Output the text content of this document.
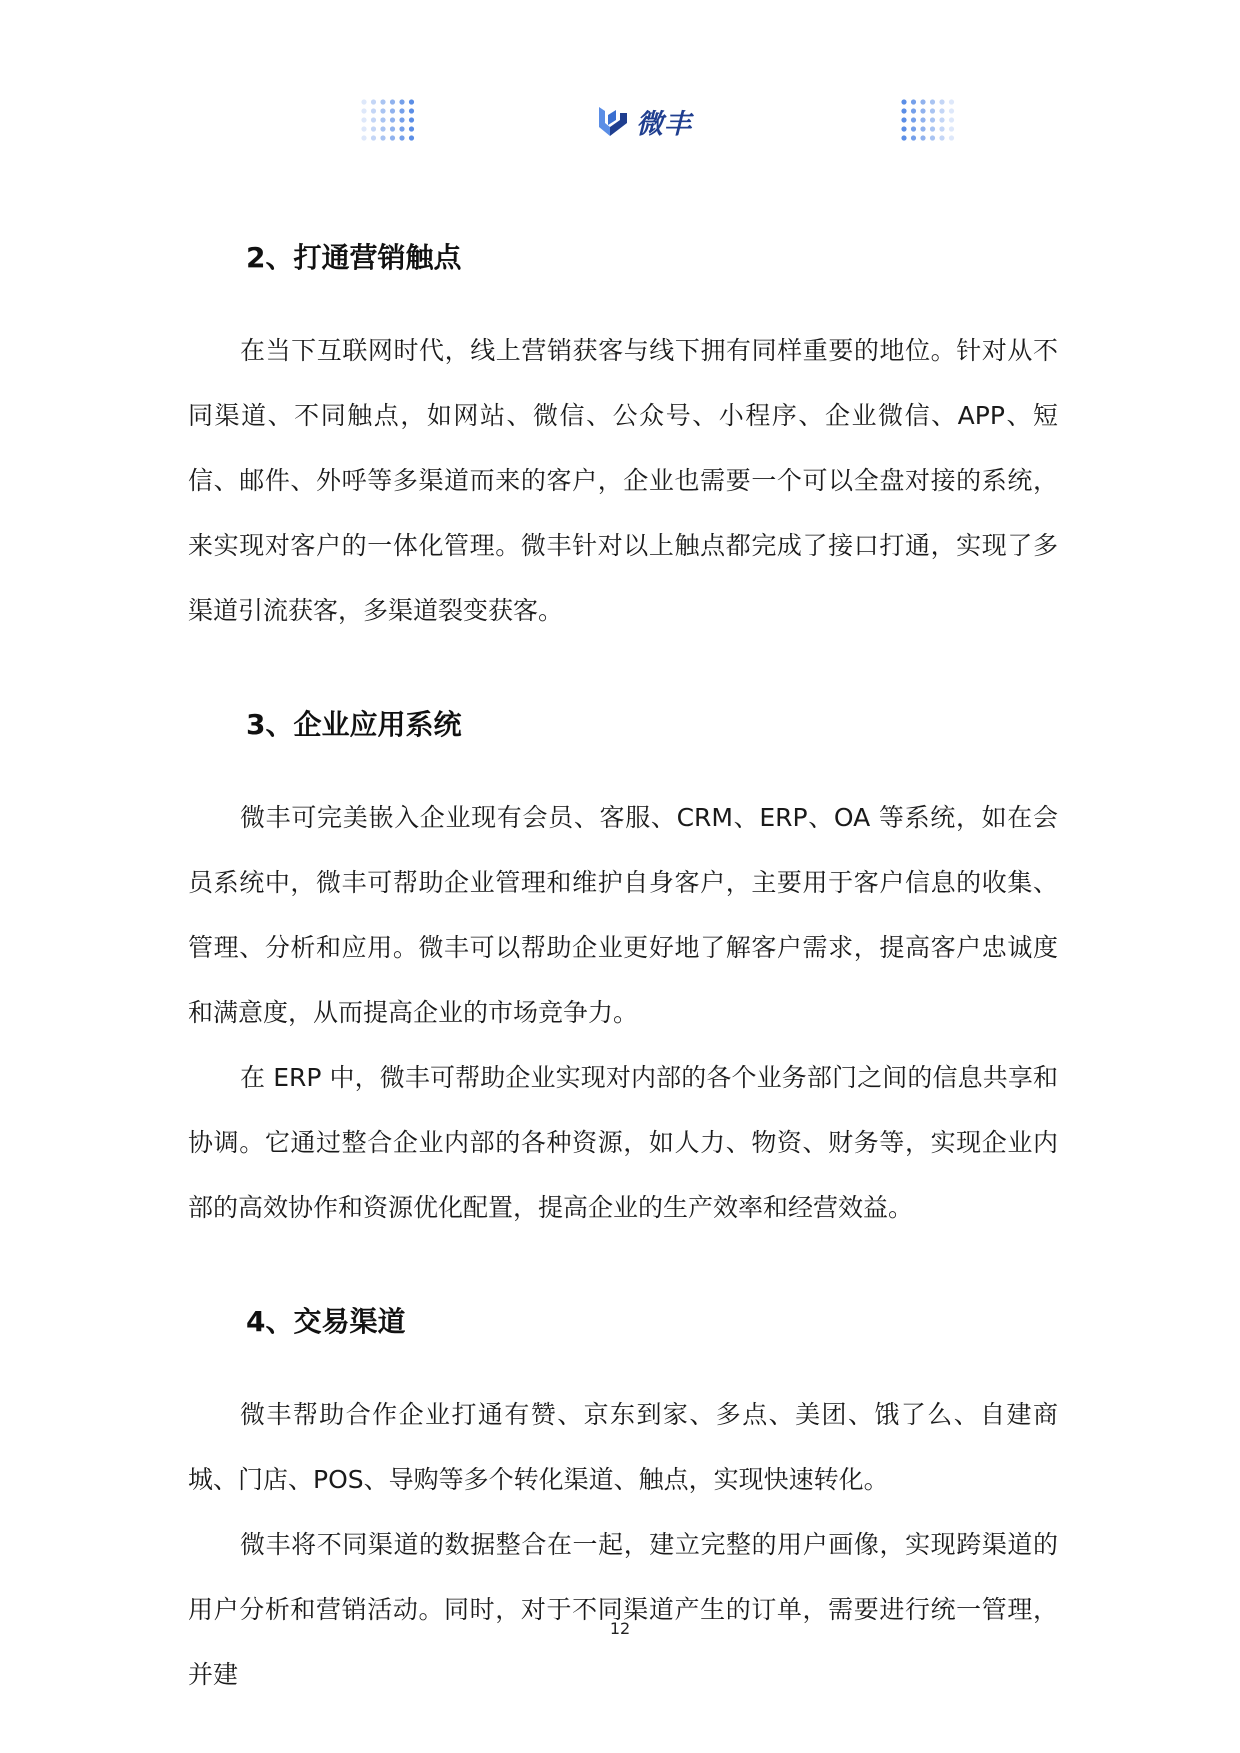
微丰
2、打通营销触点

在当下互联网时代，线上营销获客与线下拥有同样重要的地位。针对从不同渠道、不同触点，如网站、微信、公众号、小程序、企业微信、APP、短信、邮件、外呼等多渠道而来的客户，企业也需要一个可以全盘对接的系统，来实现对客户的一体化管理。微丰针对以上触点都完成了接口打通，实现了多渠道引流获客，多渠道裂变获客。

3、企业应用系统

微丰可完美嵌入企业现有会员、客服、CRM、ERP、OA 等系统，如在会员系统中，微丰可帮助企业管理和维护自身客户，主要用于客户信息的收集、管理、分析和应用。微丰可以帮助企业更好地了解客户需求，提高客户忠诚度和满意度，从而提高企业的市场竞争力。

在 ERP 中，微丰可帮助企业实现对内部的各个业务部门之间的信息共享和协调。它通过整合企业内部的各种资源，如人力、物资、财务等，实现企业内部的高效协作和资源优化配置，提高企业的生产效率和经营效益。

4、交易渠道

微丰帮助合作企业打通有赞、京东到家、多点、美团、饿了么、自建商城、门店、POS、导购等多个转化渠道、触点，实现快速转化。

微丰将不同渠道的数据整合在一起，建立完整的用户画像，实现跨渠道的用户分析和营销活动。同时，对于不同渠道产生的订单，需要进行统一管理，并建

12
